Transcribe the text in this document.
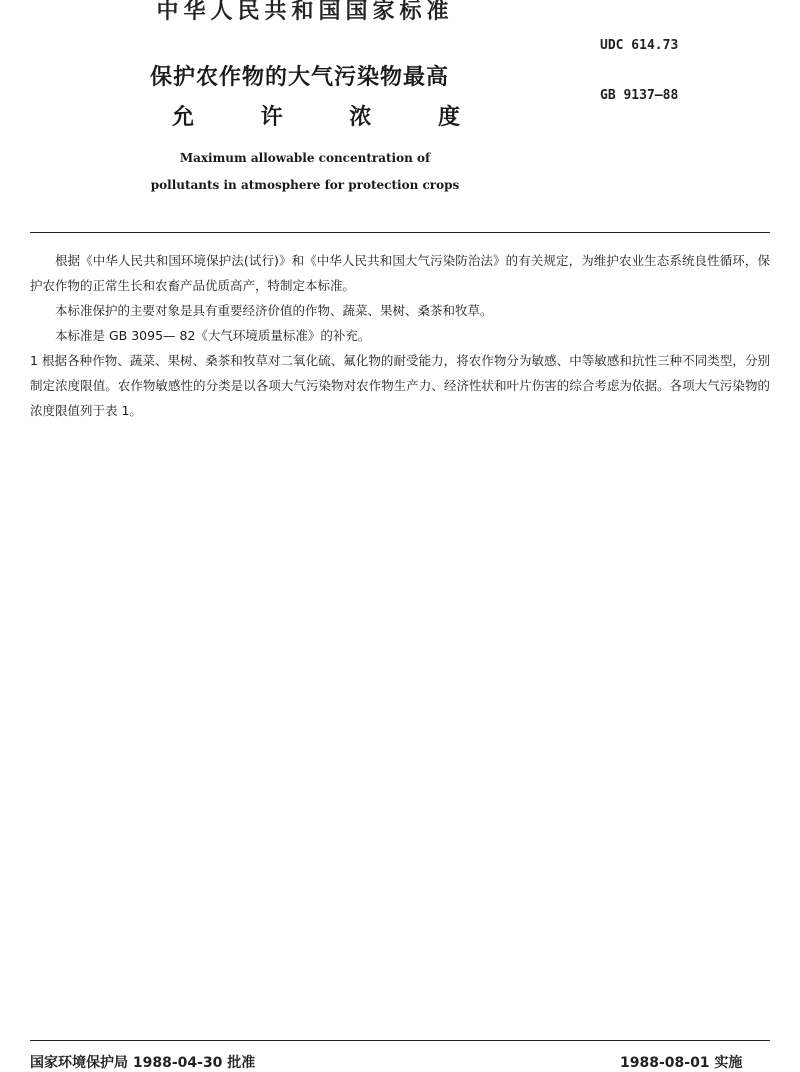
中华人民共和国国家标准
保护农作物的大气污染物最高
允	许	浓	度
Maximum allowable concentration of
pollutants in atmosphere for protection crops
UDC 614.73
GB 9137—88

根据《中华人民共和国环境保护法(试行)》和《中华人民共和国大气污染防治法》的有关规定，为维护农业生态系统良性循环，保护农作物的正常生长和农畜产品优质高产，特制定本标准。

本标准保护的主要对象是具有重要经济价值的作物、蔬菜、果树、桑茶和牧草。

本标准是 GB 3095— 82《大气环境质量标准》的补充。

1 根据各种作物、蔬菜、果树、桑茶和牧草对二氧化硫、氟化物的耐受能力，将农作物分为敏感、中等敏感和抗性三种不同类型，分别制定浓度限值。农作物敏感性的分类是以各项大气污染物对农作物生产力、经济性状和叶片伤害的综合考虑为依据。各项大气污染物的浓度限值列于表 1。

国家环境保护局 1988-04-30 批准	1988-08-01 实施
